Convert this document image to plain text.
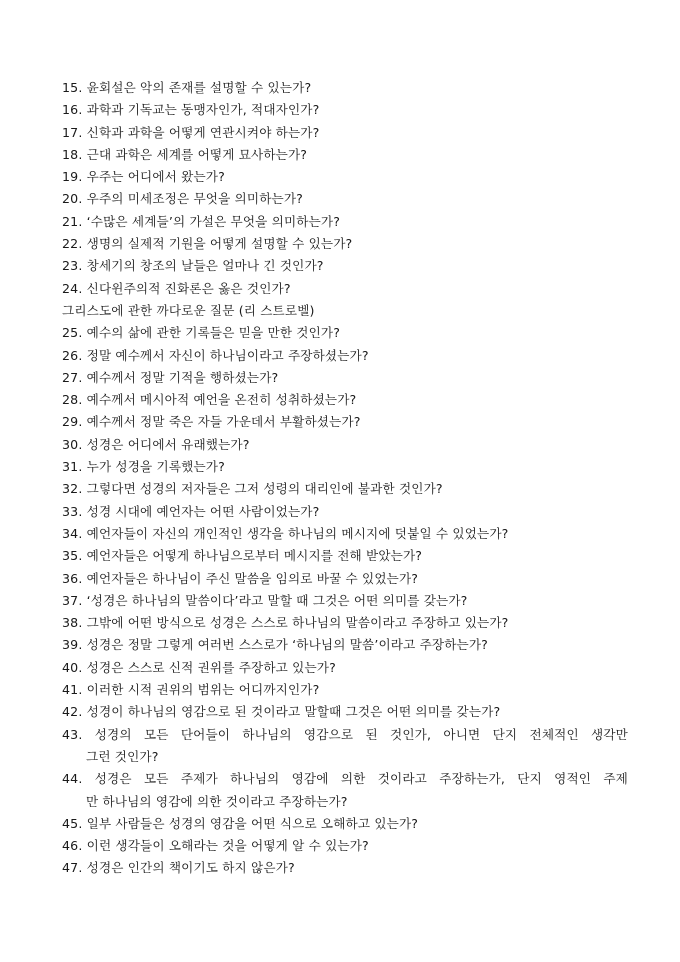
15. 윤회설은 악의 존재를 설명할 수 있는가?
16. 과학과 기독교는 동맹자인가, 적대자인가?
17. 신학과 과학을 어떻게 연관시켜야 하는가?
18. 근대 과학은 세계를 어떻게 묘사하는가?
19. 우주는 어디에서 왔는가?
20. 우주의 미세조정은 무엇을 의미하는가?
21. ‘수많은 세계들’의 가설은 무엇을 의미하는가?
22. 생명의 실제적 기원을 어떻게 설명할 수 있는가?
23. 창세기의 창조의 날들은 얼마나 긴 것인가?
24. 신다윈주의적 진화론은 옳은 것인가?
그리스도에 관한 까다로운 질문 (리 스트로벨)
25. 예수의 삶에 관한 기록들은 믿을 만한 것인가?
26. 정말 예수께서 자신이 하나님이라고 주장하셨는가?
27. 예수께서 정말 기적을 행하셨는가?
28. 예수께서 메시아적 예언을 온전히 성취하셨는가?
29. 예수께서 정말 죽은 자들 가운데서 부활하셨는가?
30. 성경은 어디에서 유래했는가?
31. 누가 성경을 기록했는가?
32. 그렇다면 성경의 저자들은 그저 성령의 대리인에 불과한 것인가?
33. 성경 시대에 예언자는 어떤 사람이었는가?
34. 예언자들이 자신의 개인적인 생각을 하나님의 메시지에 덧붙일 수 있었는가?
35. 예언자들은 어떻게 하나님으로부터 메시지를 전해 받았는가?
36. 예언자들은 하나님이 주신 말씀을 임의로 바꿀 수 있었는가?
37. ‘성경은 하나님의 말씀이다’라고 말할 때 그것은 어떤 의미를 갖는가?
38. 그밖에 어떤 방식으로 성경은 스스로 하나님의 말씀이라고 주장하고 있는가?
39. 성경은 정말 그렇게 여러번 스스로가 ‘하나님의 말씀’이라고 주장하는가?
40. 성경은 스스로 신적 권위를 주장하고 있는가?
41. 이러한 시적 권위의 범위는 어디까지인가?
42. 성경이 하나님의 영감으로 된 것이라고 말할때 그것은 어떤 의미를 갖는가?
43. 성경의 모든 단어들이 하나님의 영감으로 된 것인가, 아니면 단지 전체적인 생각만
그런 것인가?
44. 성경은 모든 주제가 하나님의 영감에 의한 것이라고 주장하는가, 단지 영적인 주제
만 하나님의 영감에 의한 것이라고 주장하는가?
45. 일부 사람들은 성경의 영감을 어떤 식으로 오해하고 있는가?
46. 이런 생각들이 오해라는 것을 어떻게 알 수 있는가?
47. 성경은 인간의 책이기도 하지 않은가?
